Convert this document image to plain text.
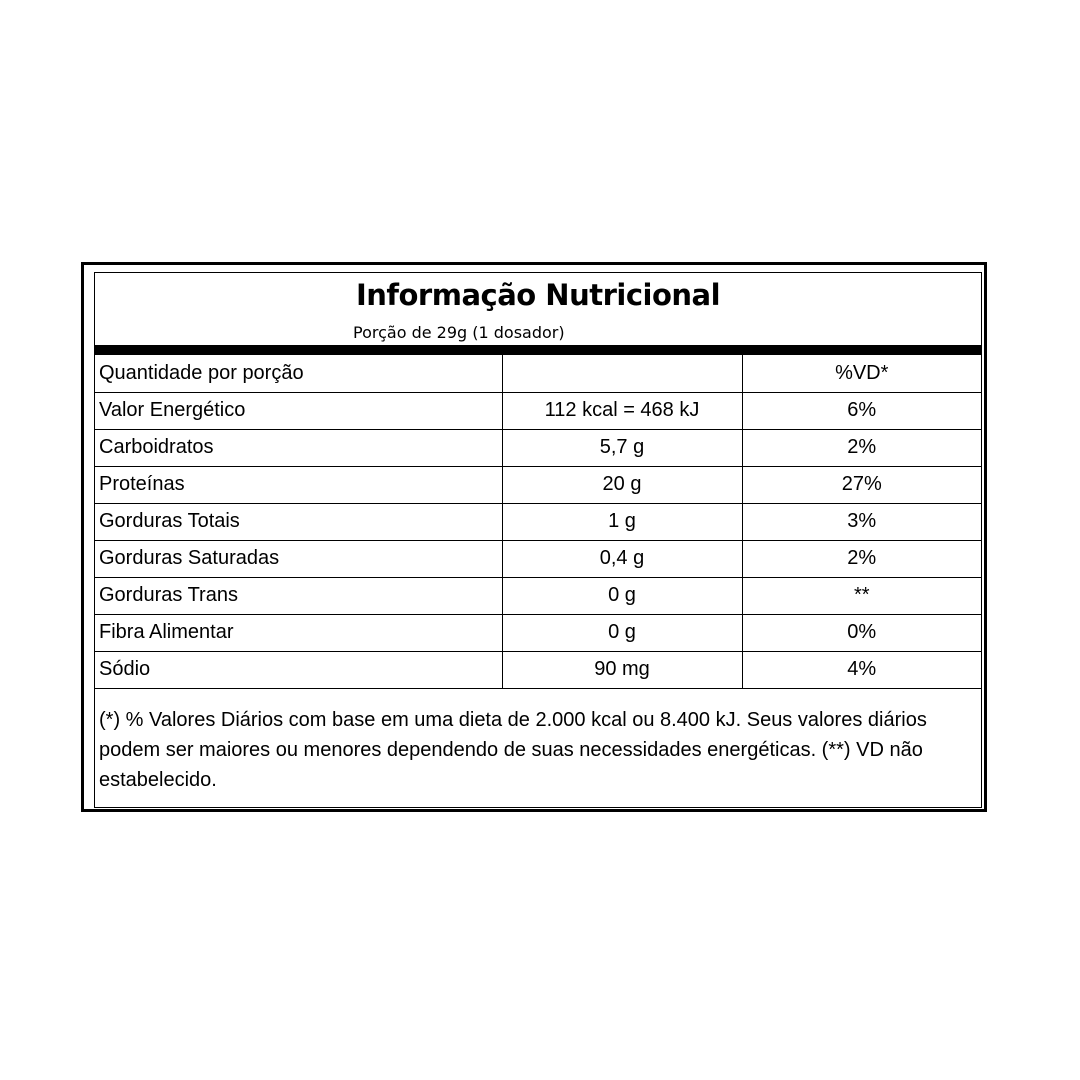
Informação Nutricional
Porção de 29g (1 dosador)
Quantidade por porção		%VD*
Valor Energético	112 kcal = 468 kJ	6%
Carboidratos	5,7 g	2%
Proteínas	20 g	27%
Gorduras Totais	1 g	3%
Gorduras Saturadas	0,4 g	2%
Gorduras Trans	0 g	**
Fibra Alimentar	0 g	0%
Sódio	90 mg	4%
(*) % Valores Diários com base em uma dieta de 2.000 kcal ou 8.400 kJ. Seus valores diários podem ser maiores ou menores dependendo de suas necessidades energéticas. (**) VD não estabelecido.
